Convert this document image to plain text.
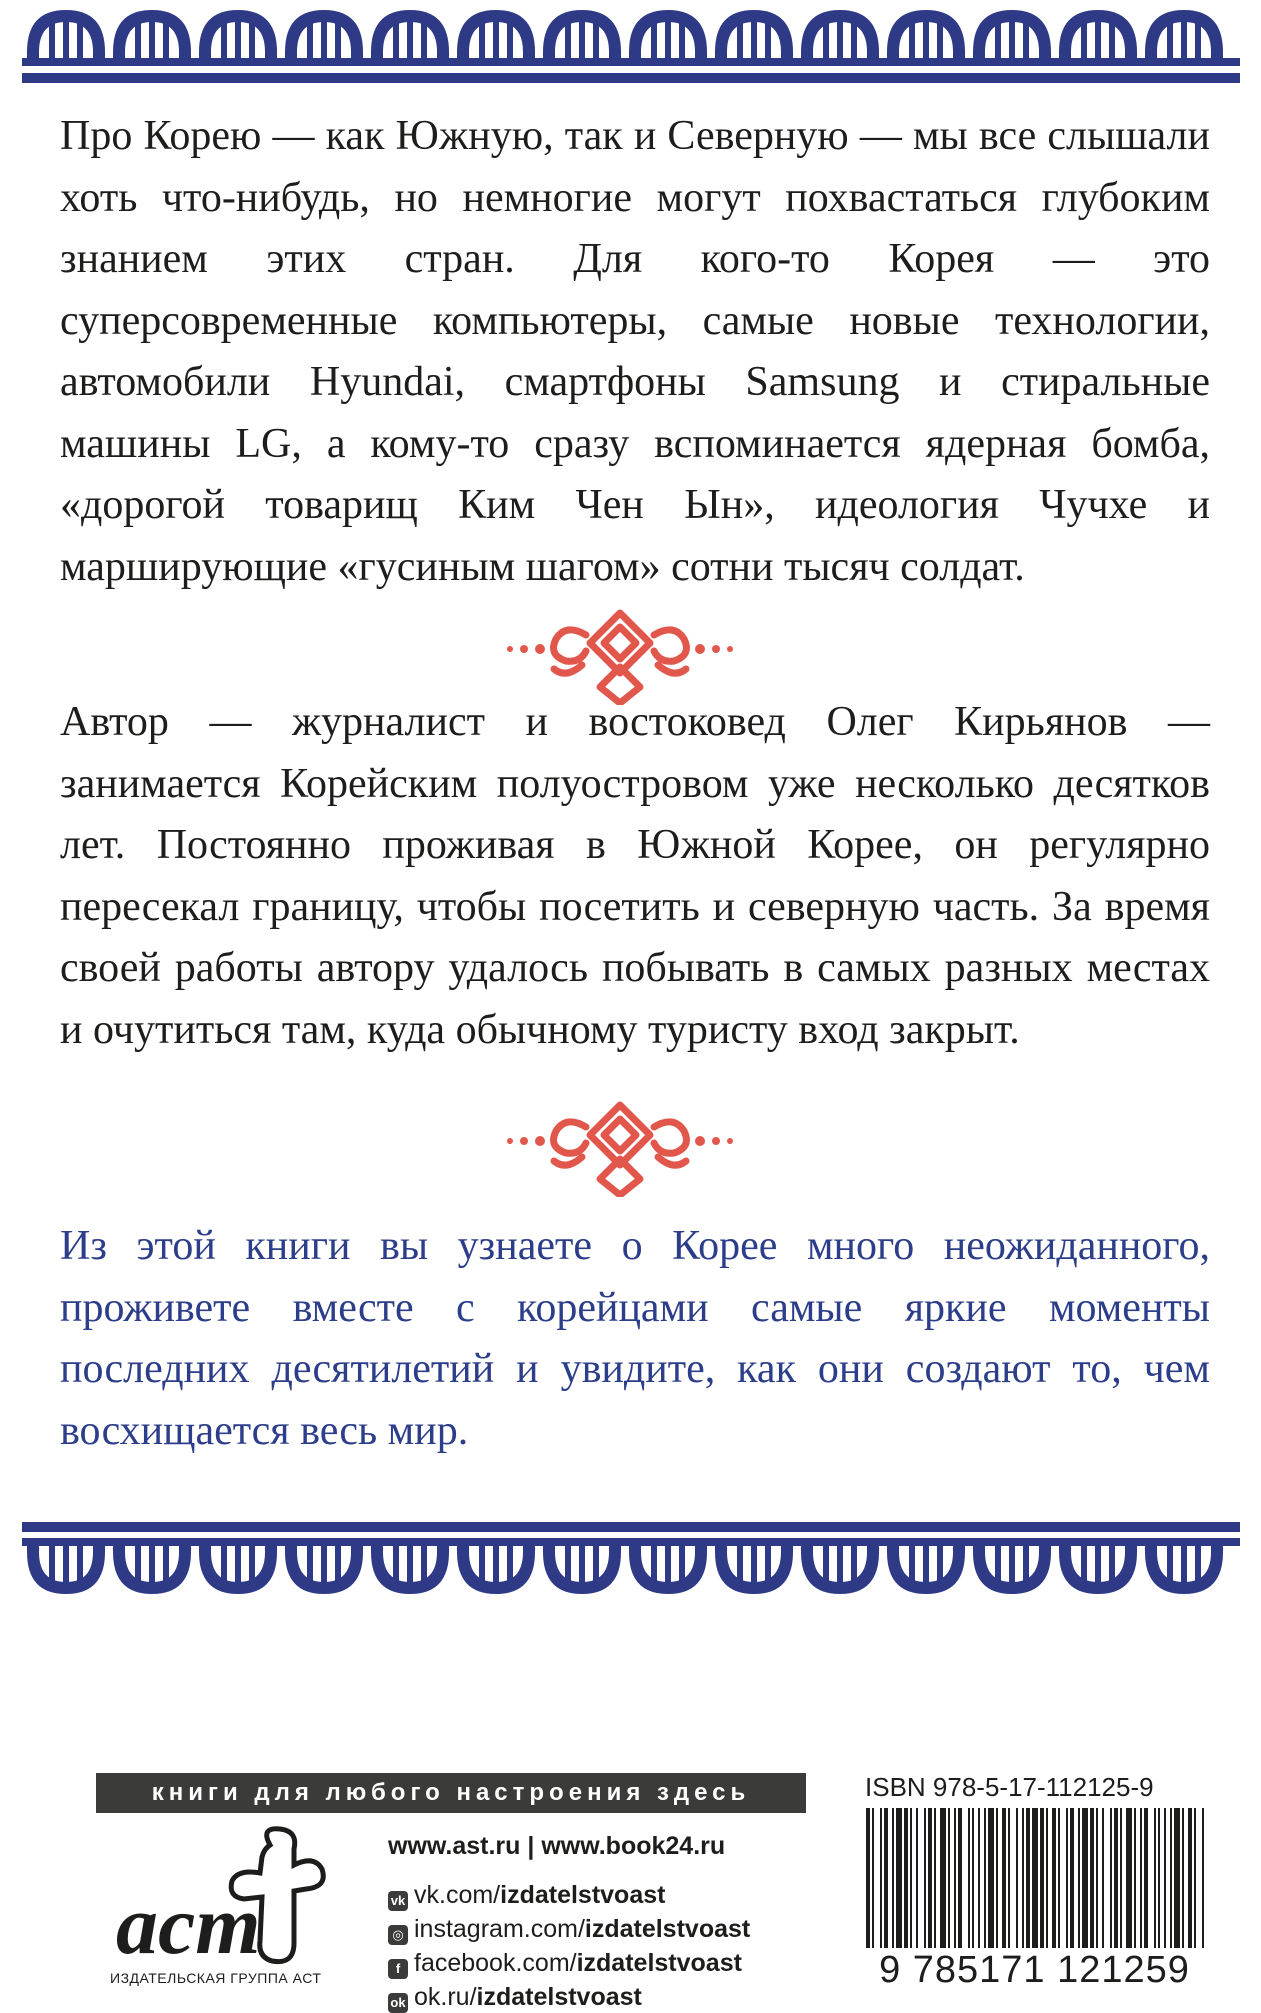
Про Корею — как Южную, так и Северную — мы все слышали хоть что-нибудь, но немногие могут похвастаться глубоким знанием этих стран. Для кого-то Корея — это суперсовременные компьютеры, самые новые технологии, автомобили Hyundai, смартфоны Samsung и стиральные машины LG, а кому-то сразу вспоминается ядерная бомба, «дорогой товарищ Ким Чен Ын», идеология Чучхе и марширующие «гусиным шагом» сотни тысяч солдат.

Автор — журналист и востоковед Олег Кирьянов — занимается Корейским полуостровом уже несколько десятков лет. Постоянно проживая в Южной Корее, он регулярно пересекал границу, чтобы посетить и северную часть. За время своей работы автору удалось побывать в самых разных местах и очутиться там, куда обычному туристу вход закрыт.

Из этой книги вы узнаете о Корее много неожиданного, проживете вместе с корейцами самые яркие моменты последних десятилетий и увидите, как они создают то, чем восхищается весь мир.

книги для любого настроения здесь
аст
ИЗДАТЕЛЬСКАЯ ГРУППА АСТ
www.ast.ru | www.book24.ru
vk vk.com/izdatelstvoast
◎ instagram.com/izdatelstvoast
f facebook.com/izdatelstvoast
ok ok.ru/izdatelstvoast
ISBN 978-5-17-112125-9
9 785171 121259
